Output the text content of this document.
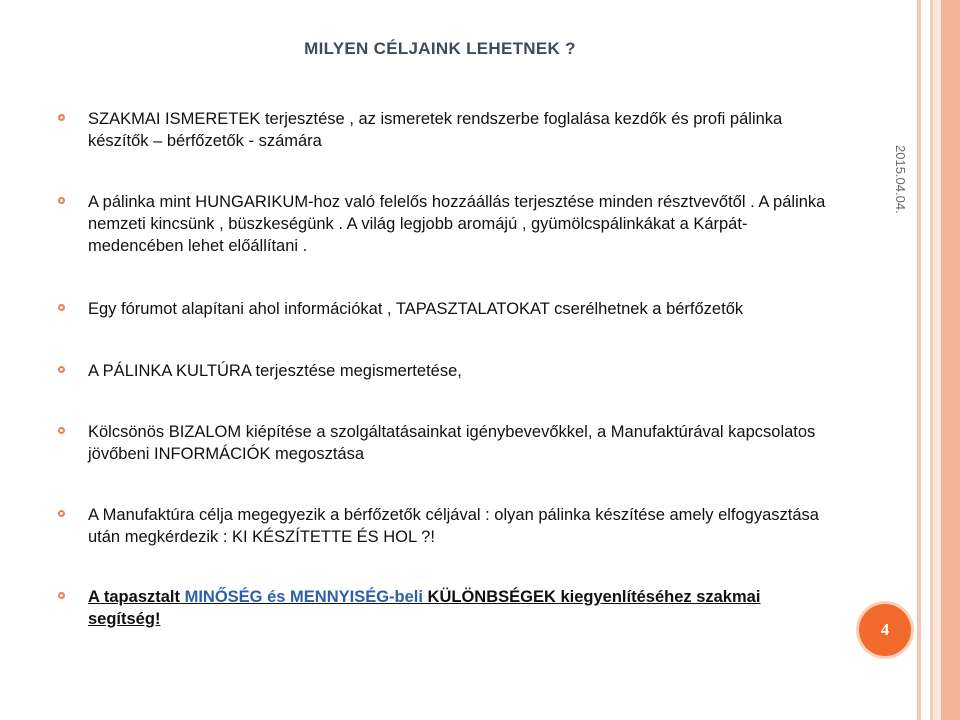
MILYEN CÉLJAINK LEHETNEK ?
2015.04.04.
SZAKMAI ISMERETEK terjesztése , az ismeretek rendszerbe foglalása kezdők és profi pálinka készítők – bérfőzetők - számára
A pálinka mint HUNGARIKUM-hoz való felelős hozzáállás terjesztése minden résztvevőtől . A pálinka nemzeti kincsünk , büszkeségünk . A világ legjobb aromájú , gyümölcspálinkákat a Kárpát-medencében lehet előállítani .
Egy fórumot alapítani ahol információkat , TAPASZTALATOKAT cserélhetnek a bérfőzetők
A PÁLINKA KULTÚRA terjesztése megismertetése,
Kölcsönös BIZALOM kiépítése a szolgáltatásainkat igénybevevőkkel, a Manufaktúrával kapcsolatos jövőbeni INFORMÁCIÓK megosztása
A Manufaktúra célja megegyezik a bérfőzetők céljával : olyan pálinka készítése amely elfogyasztása után megkérdezik : KI KÉSZÍTETTE ÉS HOL ?!
A tapasztalt MINŐSÉG és MENNYISÉG-beli KÜLÖNBSÉGEK kiegyenlítéséhez szakmai segítség!
4
